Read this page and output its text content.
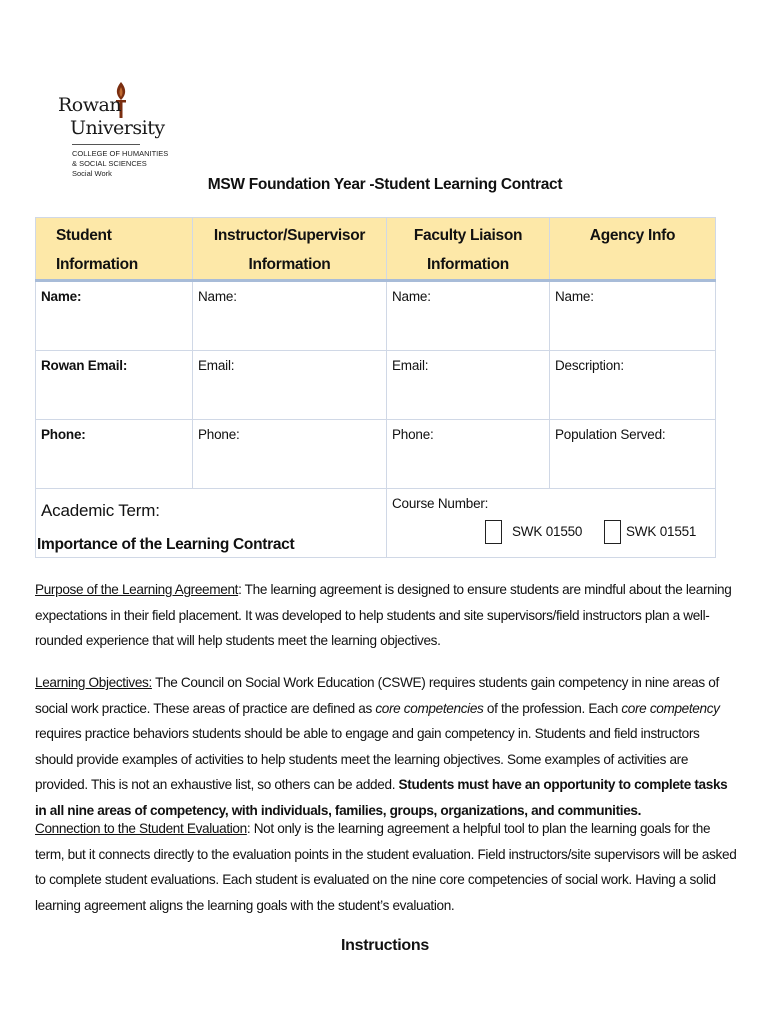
Rowan
University
COLLEGE OF HUMANITIES
& SOCIAL SCIENCES
Social Work
MSW Foundation Year -Student Learning Contract
Student Information	Instructor/Supervisor Information	Faculty Liaison Information	Agency Info
Name:	Name:	Name:	Name:
Rowan Email:	Email:	Email:	Description:
Phone:	Phone:	Phone:	Population Served:

Academic Term:		Course Number:
SWK 01550 SWK 01551	
Importance of the Learning Contract
Purpose of the Learning Agreement: The learning agreement is designed to ensure students are mindful about the learning expectations in their field placement. It was developed to help students and site supervisors/field instructors plan a well-rounded experience that will help students meet the learning objectives.
Learning Objectives: The Council on Social Work Education (CSWE) requires students gain competency in nine areas of social work practice. These areas of practice are defined as core competencies of the profession. Each core competency requires practice behaviors students should be able to engage and gain competency in. Students and field instructors should provide examples of activities to help students meet the learning objectives. Some examples of activities are provided. This is not an exhaustive list, so others can be added. Students must have an opportunity to complete tasks in all nine areas of competency, with individuals, families, groups, organizations, and communities.
Connection to the Student Evaluation: Not only is the learning agreement a helpful tool to plan the learning goals for the term, but it connects directly to the evaluation points in the student evaluation. Field instructors/site supervisors will be asked to complete student evaluations. Each student is evaluated on the nine core competencies of social work. Having a solid learning agreement aligns the learning goals with the student’s evaluation.
Instructions
